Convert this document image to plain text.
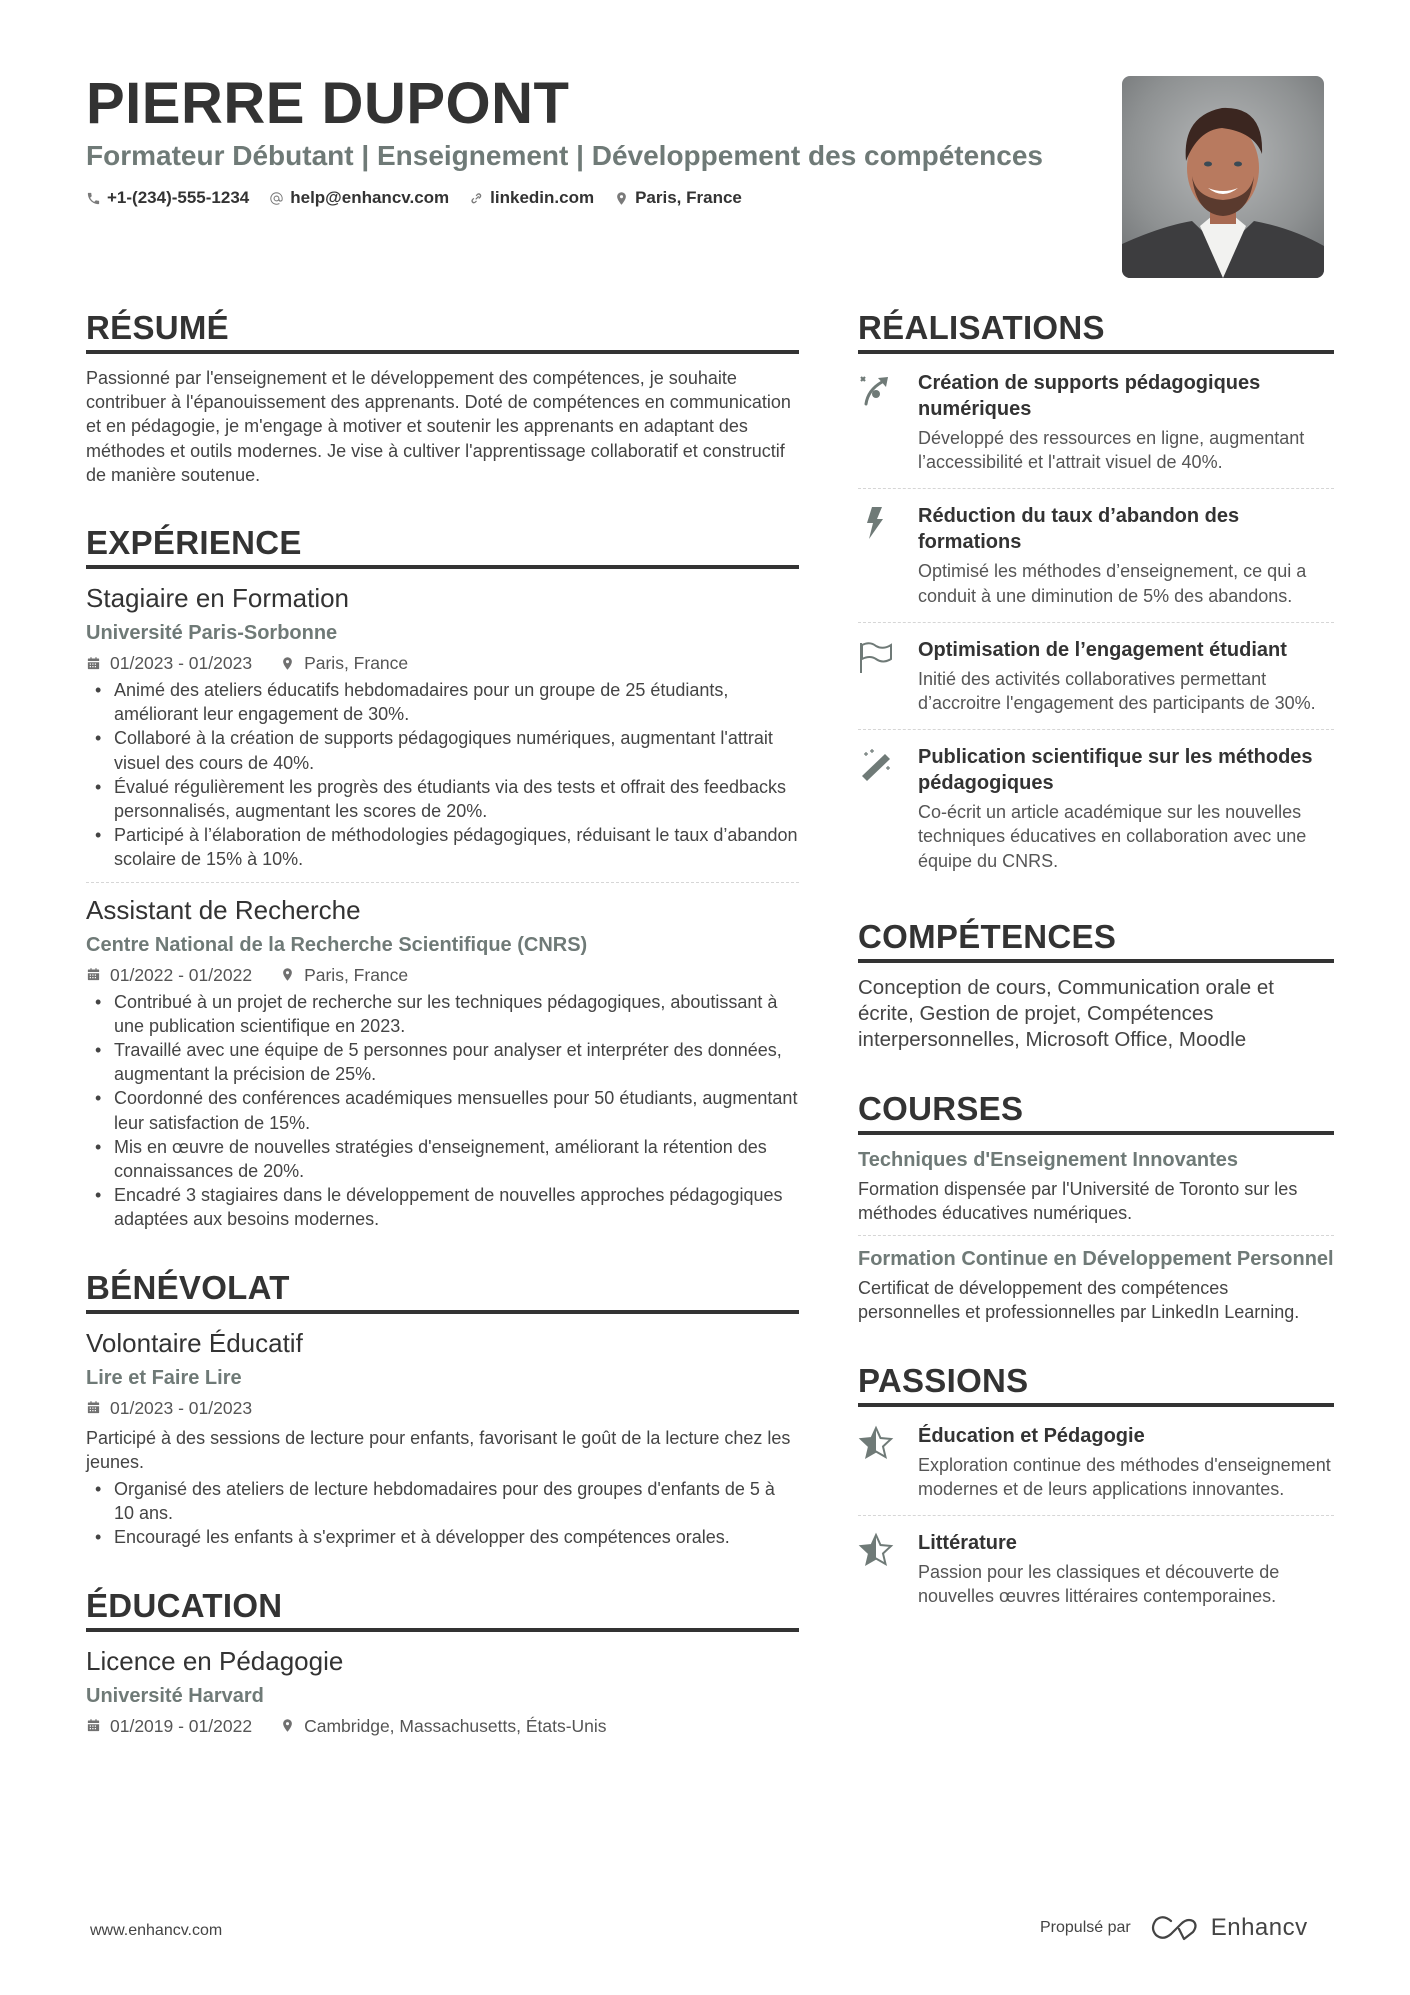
PIERRE DUPONT
Formateur Débutant | Enseignement | Développement des compétences
+1-(234)-555-1234 help@enhancv.com linkedin.com Paris, France
RÉSUMÉ
Passionné par l'enseignement et le développement des compétences, je souhaite contribuer à l'épanouissement des apprenants. Doté de compétences en communication et en pédagogie, je m'engage à motiver et soutenir les apprenants en adaptant des méthodes et outils modernes. Je vise à cultiver l'apprentissage collaboratif et constructif de manière soutenue.
EXPÉRIENCE
Stagiaire en Formation
Université Paris-Sorbonne
01/2023 - 01/2023	Paris, France
• Animé des ateliers éducatifs hebdomadaires pour un groupe de 25 étudiants, améliorant leur engagement de 30%.
• Collaboré à la création de supports pédagogiques numériques, augmentant l'attrait visuel des cours de 40%.
• Évalué régulièrement les progrès des étudiants via des tests et offrait des feedbacks personnalisés, augmentant les scores de 20%.
• Participé à l’élaboration de méthodologies pédagogiques, réduisant le taux d’abandon scolaire de 15% à 10%.
Assistant de Recherche
Centre National de la Recherche Scientifique (CNRS)
01/2022 - 01/2022	Paris, France
• Contribué à un projet de recherche sur les techniques pédagogiques, aboutissant à une publication scientifique en 2023.
• Travaillé avec une équipe de 5 personnes pour analyser et interpréter des données, augmentant la précision de 25%.
• Coordonné des conférences académiques mensuelles pour 50 étudiants, augmentant leur satisfaction de 15%.
• Mis en œuvre de nouvelles stratégies d'enseignement, améliorant la rétention des connaissances de 20%.
• Encadré 3 stagiaires dans le développement de nouvelles approches pédagogiques adaptées aux besoins modernes.
BÉNÉVOLAT
Volontaire Éducatif
Lire et Faire Lire
01/2023 - 01/2023
Participé à des sessions de lecture pour enfants, favorisant le goût de la lecture chez les jeunes.
• Organisé des ateliers de lecture hebdomadaires pour des groupes d'enfants de 5 à 10 ans.
• Encouragé les enfants à s'exprimer et à développer des compétences orales.
ÉDUCATION
Licence en Pédagogie
Université Harvard
01/2019 - 01/2022	Cambridge, Massachusetts, États-Unis
RÉALISATIONS
Création de supports pédagogiques numériques
Développé des ressources en ligne, augmentant l’accessibilité et l'attrait visuel de 40%.
Réduction du taux d’abandon des formations
Optimisé les méthodes d’enseignement, ce qui a conduit à une diminution de 5% des abandons.
Optimisation de l’engagement étudiant
Initié des activités collaboratives permettant d’accroitre l'engagement des participants de 30%.
Publication scientifique sur les méthodes pédagogiques
Co-écrit un article académique sur les nouvelles techniques éducatives en collaboration avec une équipe du CNRS.
COMPÉTENCES
Conception de cours, Communication orale et écrite, Gestion de projet, Compétences interpersonnelles, Microsoft Office, Moodle
COURSES
Techniques d'Enseignement Innovantes
Formation dispensée par l'Université de Toronto sur les méthodes éducatives numériques.
Formation Continue en Développement Personnel
Certificat de développement des compétences personnelles et professionnelles par LinkedIn Learning.
PASSIONS
Éducation et Pédagogie
Exploration continue des méthodes d'enseignement modernes et de leurs applications innovantes.
Littérature
Passion pour les classiques et découverte de nouvelles œuvres littéraires contemporaines.
www.enhancv.com	Propulsé par	Enhancv
